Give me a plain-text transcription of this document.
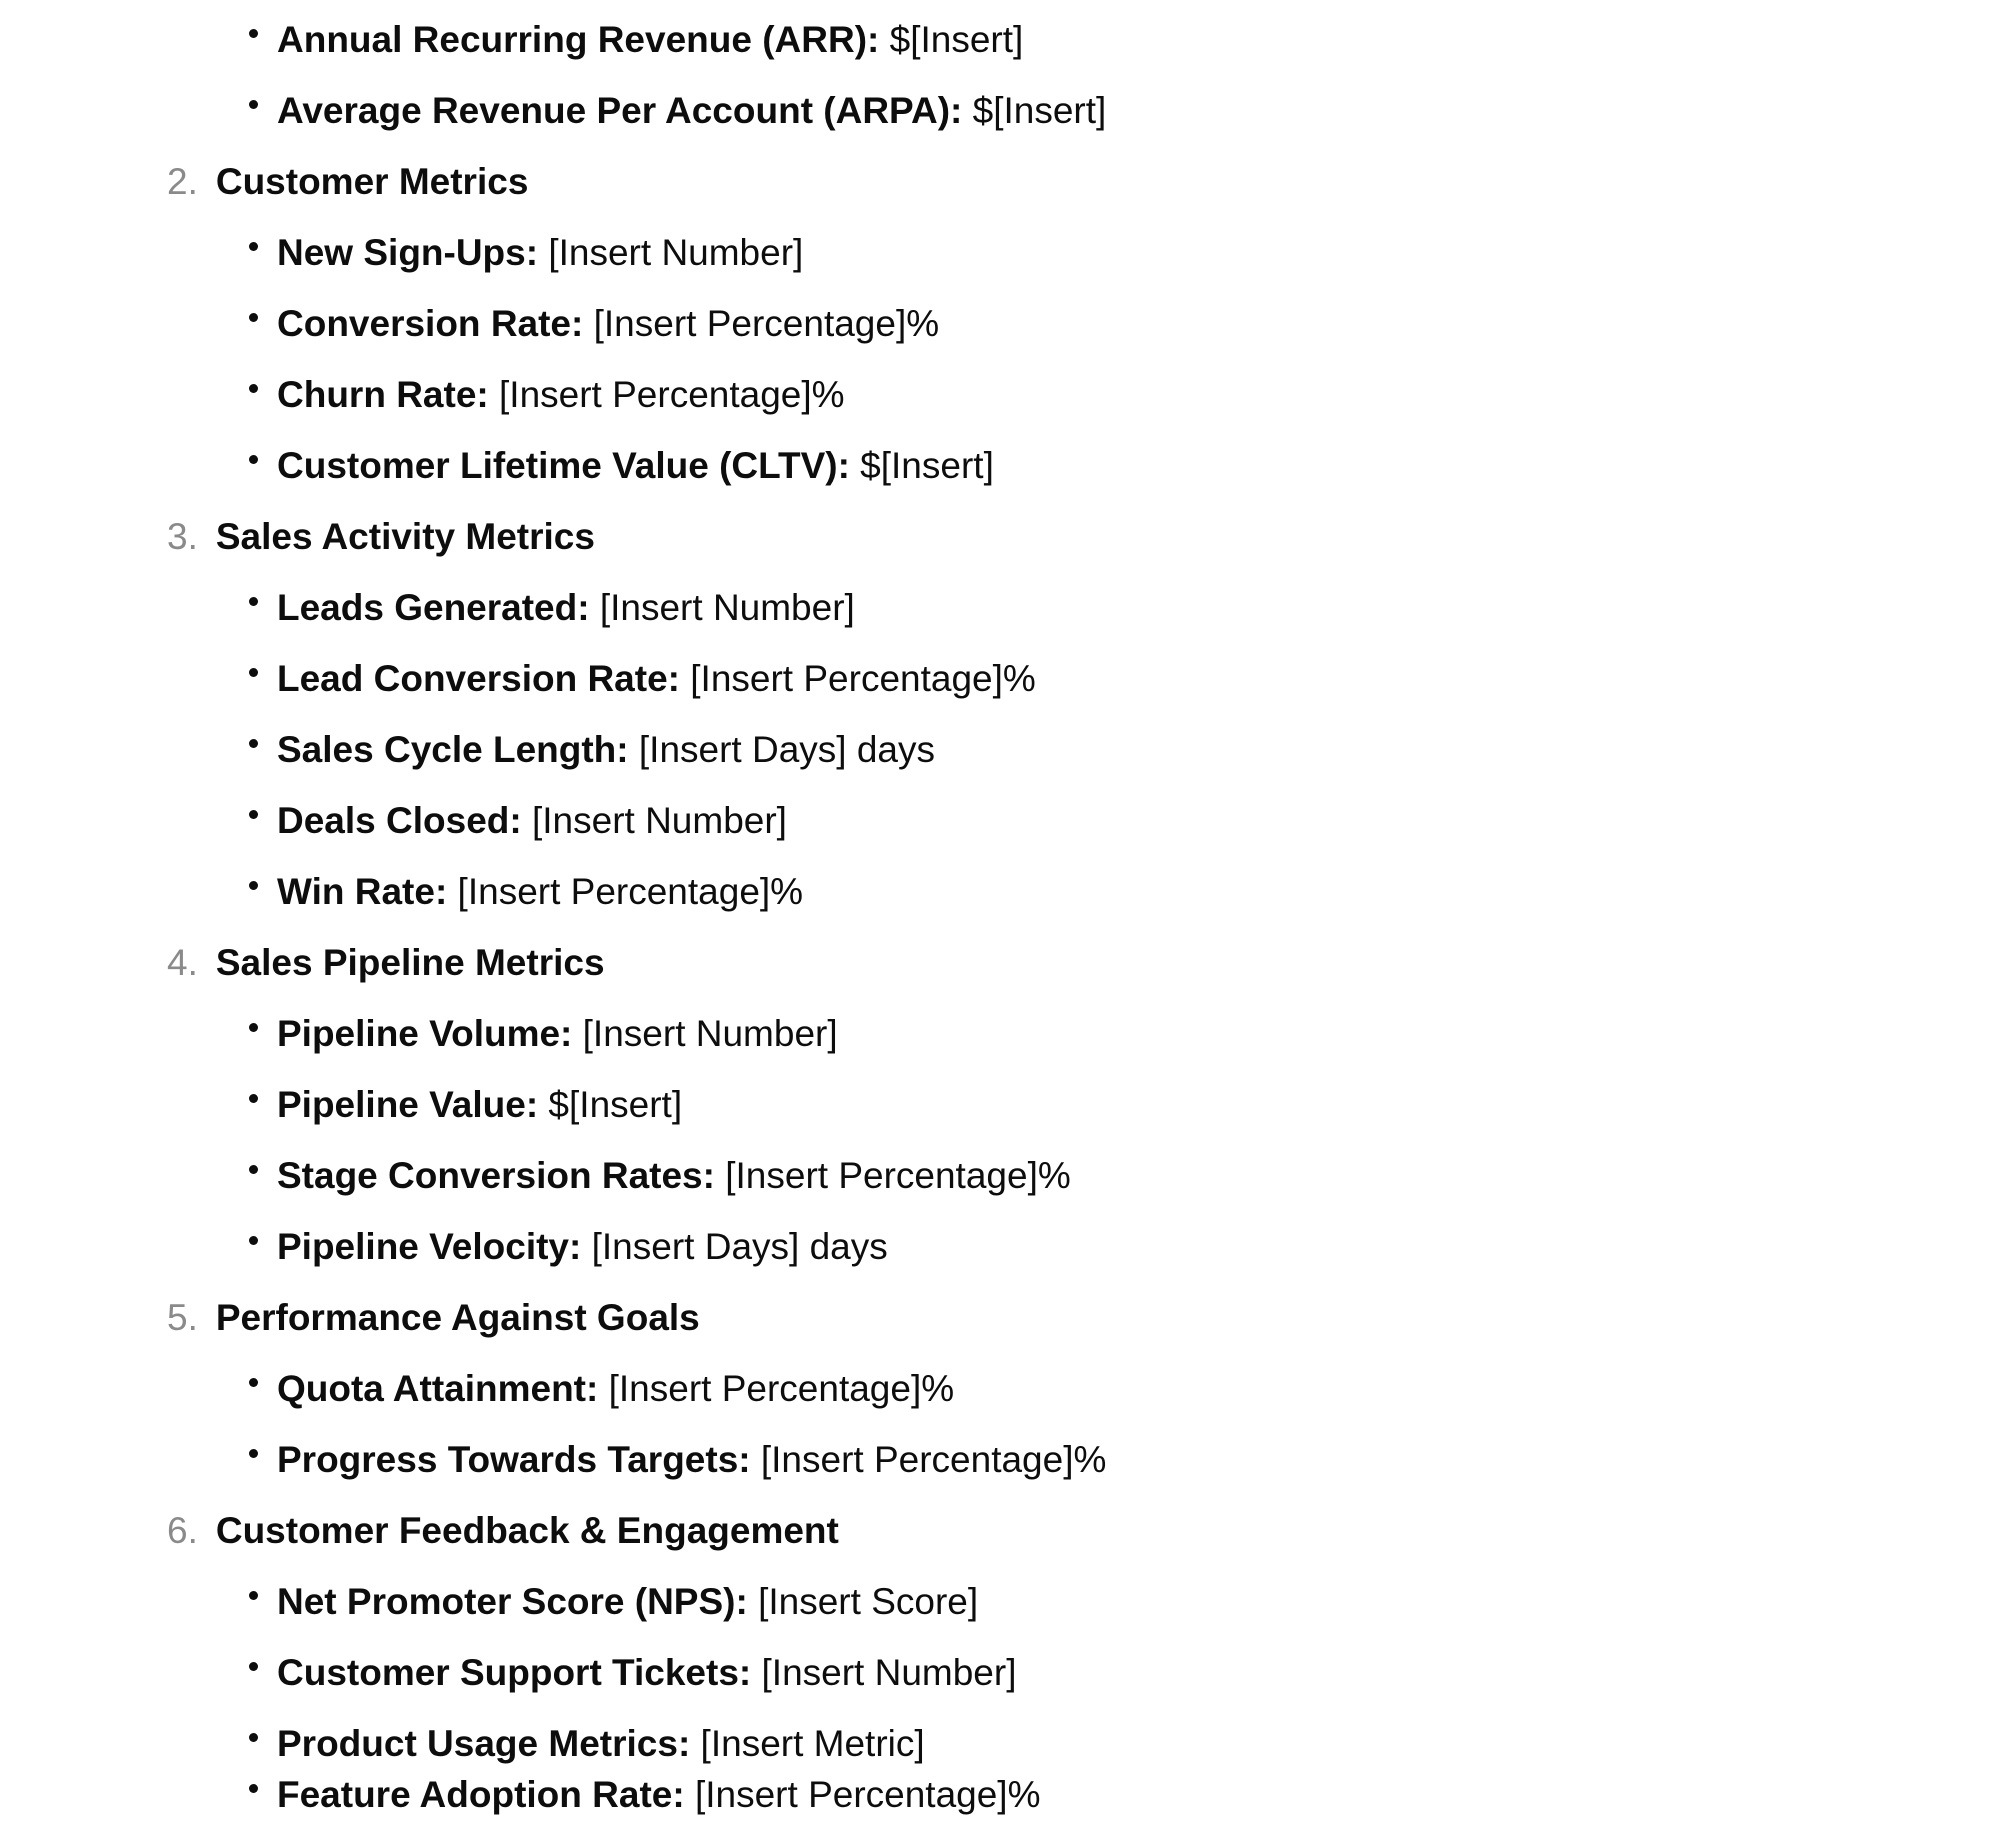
Annual Recurring Revenue (ARR): $[Insert]
Average Revenue Per Account (ARPA): $[Insert]
2. Customer Metrics
New Sign-Ups: [Insert Number]
Conversion Rate: [Insert Percentage]%
Churn Rate: [Insert Percentage]%
Customer Lifetime Value (CLTV): $[Insert]
3. Sales Activity Metrics
Leads Generated: [Insert Number]
Lead Conversion Rate: [Insert Percentage]%
Sales Cycle Length: [Insert Days] days
Deals Closed: [Insert Number]
Win Rate: [Insert Percentage]%
4. Sales Pipeline Metrics
Pipeline Volume: [Insert Number]
Pipeline Value: $[Insert]
Stage Conversion Rates: [Insert Percentage]%
Pipeline Velocity: [Insert Days] days
5. Performance Against Goals
Quota Attainment: [Insert Percentage]%
Progress Towards Targets: [Insert Percentage]%
6. Customer Feedback & Engagement
Net Promoter Score (NPS): [Insert Score]
Customer Support Tickets: [Insert Number]
Product Usage Metrics: [Insert Metric]
Feature Adoption Rate: [Insert Percentage]%
